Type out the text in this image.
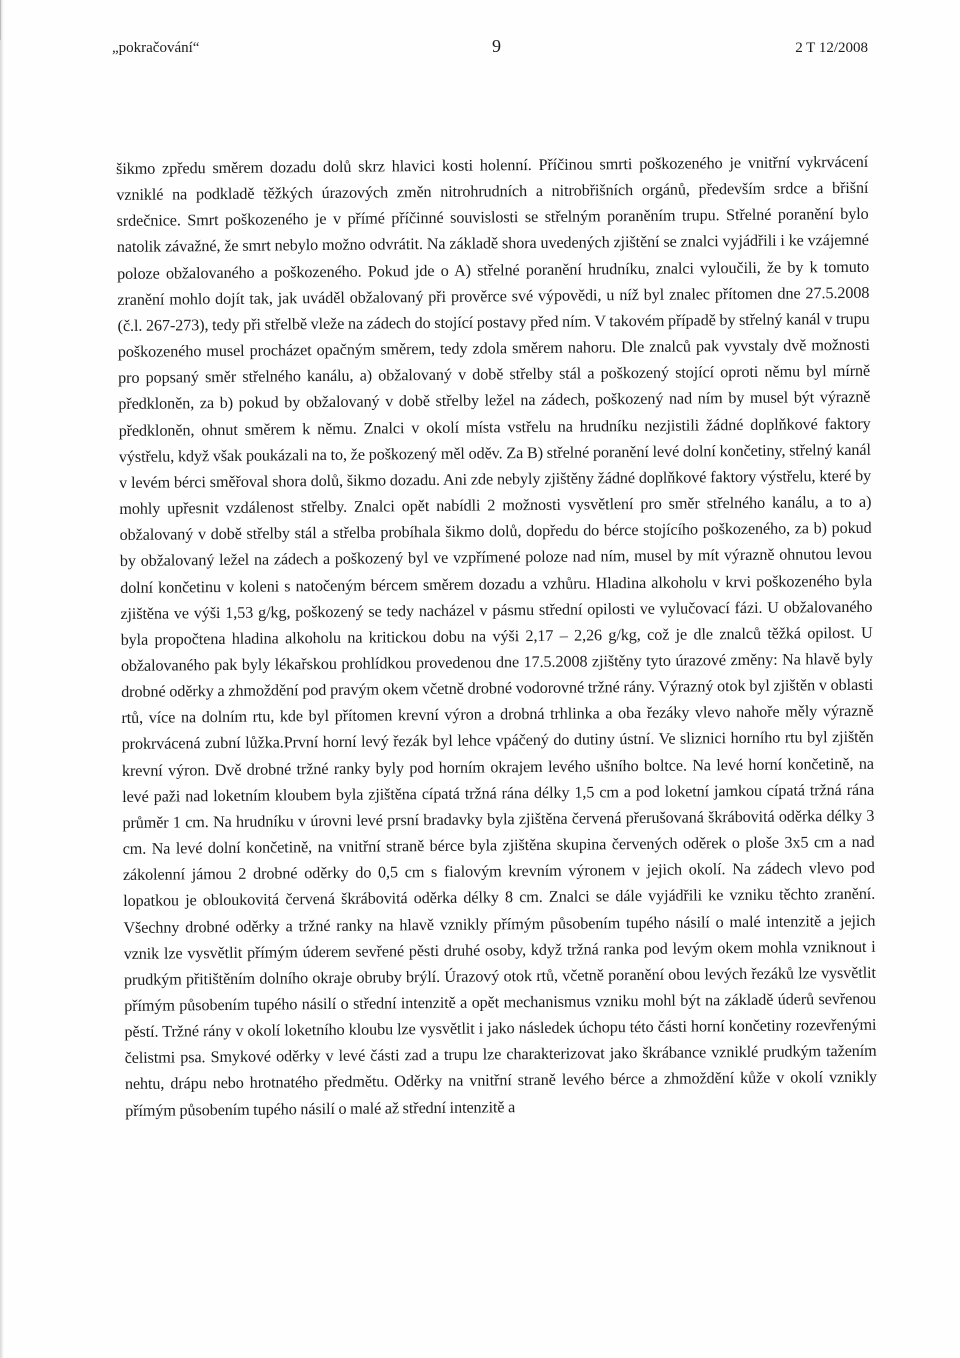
„pokračování“	9	2 T 12/2008

šikmo zpředu směrem dozadu dolů skrz hlavici kosti holenní. Příčinou smrti poškozeného je vnitřní vykrvácení vzniklé na podkladě těžkých úrazových změn nitrohrudních a nitrobřišních orgánů, především srdce a břišní srdečnice. Smrt poškozeného je v přímé příčinné souvislosti se střelným poraněním trupu. Střelné poranění bylo natolik závažné, že smrt nebylo možno odvrátit. Na základě shora uvedených zjištění se znalci vyjádřili i ke vzájemné poloze obžalovaného a poškozeného. Pokud jde o A) střelné poranění hrudníku, znalci vyloučili, že by k tomuto zranění mohlo dojít tak, jak uváděl obžalovaný při prověrce své výpovědi, u níž byl znalec přítomen dne 27.5.2008 (č.l. 267-273), tedy při střelbě vleže na zádech do stojící postavy před ním. V takovém případě by střelný kanál v trupu poškozeného musel procházet opačným směrem, tedy zdola směrem nahoru. Dle znalců pak vyvstaly dvě možnosti pro popsaný směr střelného kanálu, a) obžalovaný v době střelby stál a poškozený stojící oproti němu byl mírně předkloněn, za b) pokud by obžalovaný v době střelby ležel na zádech, poškozený nad ním by musel být výrazně předkloněn, ohnut směrem k němu. Znalci v okolí místa vstřelu na hrudníku nezjistili žádné doplňkové faktory výstřelu, když však poukázali na to, že poškozený měl oděv. Za B) střelné poranění levé dolní končetiny, střelný kanál v levém bérci směřoval shora dolů, šikmo dozadu. Ani zde nebyly zjištěny žádné doplňkové faktory výstřelu, které by mohly upřesnit vzdálenost střelby. Znalci opět nabídli 2 možnosti vysvětlení pro směr střelného kanálu, a to a) obžalovaný v době střelby stál a střelba probíhala šikmo dolů, dopředu do bérce stojícího poškozeného, za b) pokud by obžalovaný ležel na zádech a poškozený byl ve vzpřímené poloze nad ním, musel by mít výrazně ohnutou levou dolní končetinu v koleni s natočeným bércem směrem dozadu a vzhůru. Hladina alkoholu v krvi poškozeného byla zjištěna ve výši 1,53 g/kg, poškozený se tedy nacházel v pásmu střední opilosti ve vylučovací fázi. U obžalovaného byla propočtena hladina alkoholu na kritickou dobu na výši 2,17 – 2,26 g/kg, což je dle znalců těžká opilost. U obžalovaného pak byly lékařskou prohlídkou provedenou dne 17.5.2008 zjištěny tyto úrazové změny: Na hlavě byly drobné oděrky a zhmoždění pod pravým okem včetně drobné vodorovné tržné rány. Výrazný otok byl zjištěn v oblasti rtů, více na dolním rtu, kde byl přítomen krevní výron a drobná trhlinka a oba řezáky vlevo nahoře měly výrazně prokrvácená zubní lůžka.První horní levý řezák byl lehce vpáčený do dutiny ústní. Ve sliznici horního rtu byl zjištěn krevní výron. Dvě drobné tržné ranky byly pod horním okrajem levého ušního boltce. Na levé horní končetině, na levé paži nad loketním kloubem byla zjištěna cípatá tržná rána délky 1,5 cm a pod loketní jamkou cípatá tržná rána průměr 1 cm. Na hrudníku v úrovni levé prsní bradavky byla zjištěna červená přerušovaná škrábovitá oděrka délky 3 cm. Na levé dolní končetině, na vnitřní straně bérce byla zjištěna skupina červených oděrek o ploše 3x5 cm a nad zákolenní jámou 2 drobné oděrky do 0,5 cm s fialovým krevním výronem v jejich okolí. Na zádech vlevo pod lopatkou je obloukovitá červená škrábovitá oděrka délky 8 cm. Znalci se dále vyjádřili ke vzniku těchto zranění. Všechny drobné oděrky a tržné ranky na hlavě vznikly přímým působením tupého násilí o malé intenzitě a jejich vznik lze vysvětlit přímým úderem sevřené pěsti druhé osoby, když tržná ranka pod levým okem mohla vzniknout i prudkým přitištěním dolního okraje obruby brýlí. Úrazový otok rtů, včetně poranění obou levých řezáků lze vysvětlit přímým působením tupého násilí o střední intenzitě a opět mechanismus vzniku mohl být na základě úderů sevřenou pěstí. Tržné rány v okolí loketního kloubu lze vysvětlit i jako následek úchopu této části horní končetiny rozevřenými čelistmi psa. Smykové oděrky v levé části zad a trupu lze charakterizovat jako škrábance vzniklé prudkým tažením nehtu, drápu nebo hrotnatého předmětu. Oděrky na vnitřní straně levého bérce a zhmoždění kůže v okolí vznikly přímým působením tupého násilí o malé až střední intenzitě a
